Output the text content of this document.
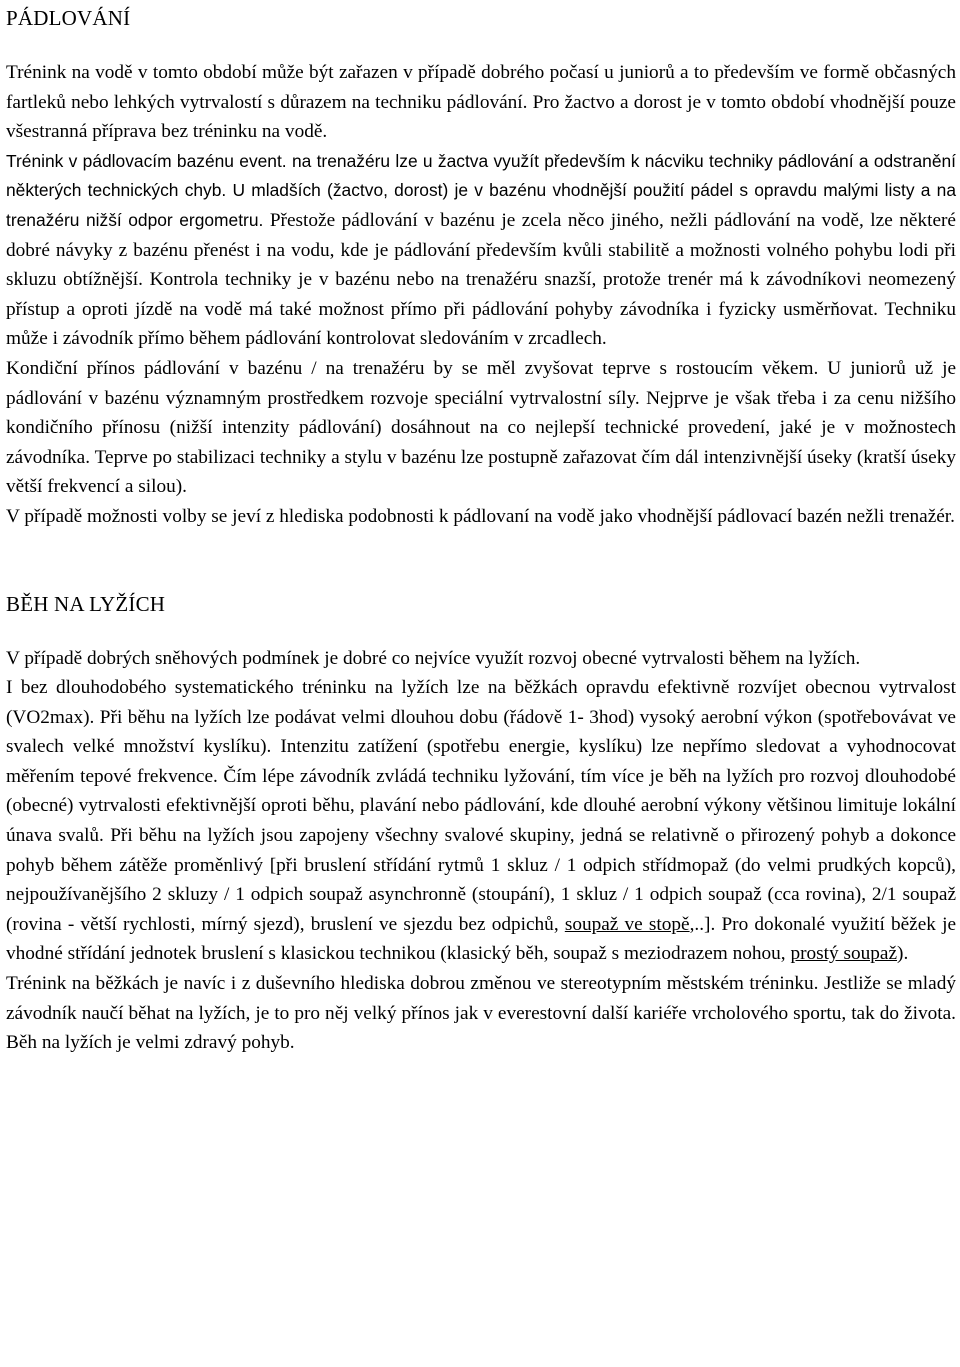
PÁDLOVÁNÍ

Trénink na vodě v tomto období může být zařazen v případě dobrého počasí u juniorů a to především ve formě občasných fartleků nebo lehkých vytrvalostí s důrazem na techniku pádlování. Pro žactvo a dorost je v tomto období vhodnější pouze všestranná příprava bez tréninku na vodě.

Trénink v pádlovacím bazénu event. na trenažéru lze u žactva využít především k nácviku techniky pádlování a odstranění některých technických chyb. U mladších (žactvo, dorost) je v bazénu vhodnější použití pádel s opravdu malými listy a na trenažéru nižší odpor ergometru. Přestože pádlování v bazénu je zcela něco jiného, nežli pádlování na vodě, lze některé dobré návyky z bazénu přenést i na vodu, kde je pádlování především kvůli stabilitě a možnosti volného pohybu lodi při skluzu obtížnější. Kontrola techniky je v bazénu nebo na trenažéru snazší, protože trenér má k závodníkovi neomezený přístup a oproti jízdě na vodě má také možnost přímo při pádlování pohyby závodníka i fyzicky usměrňovat. Techniku může i závodník přímo během pádlování kontrolovat sledováním v zrcadlech.

Kondiční přínos pádlování v bazénu / na trenažéru by se měl zvyšovat teprve s rostoucím věkem. U juniorů už je pádlování v bazénu významným prostředkem rozvoje speciální vytrvalostní síly. Nejprve je však třeba i za cenu nižšího kondičního přínosu (nižší intenzity pádlování) dosáhnout na co nejlepší technické provedení, jaké je v možnostech závodníka. Teprve po stabilizaci techniky a stylu v bazénu lze postupně zařazovat čím dál intenzivnější úseky (kratší úseky větší frekvencí a silou).

V případě možnosti volby se jeví z hlediska podobnosti k pádlovaní na vodě jako vhodnější pádlovací bazén nežli trenažér.

BĚH NA LYŽÍCH

V případě dobrých sněhových podmínek je dobré co nejvíce využít rozvoj obecné vytrvalosti během na lyžích.

I bez dlouhodobého systematického tréninku na lyžích lze na běžkách opravdu efektivně rozvíjet obecnou vytrvalost (VO2max). Při běhu na lyžích lze podávat velmi dlouhou dobu (řádově 1- 3hod) vysoký aerobní výkon (spotřebovávat ve svalech velké množství kyslíku). Intenzitu zatížení (spotřebu energie, kyslíku) lze nepřímo sledovat a vyhodnocovat měřením tepové frekvence. Čím lépe závodník zvládá techniku lyžování, tím více je běh na lyžích pro rozvoj dlouhodobé (obecné) vytrvalosti efektivnější oproti běhu, plavání nebo pádlování, kde dlouhé aerobní výkony většinou limituje lokální únava svalů. Při běhu na lyžích jsou zapojeny všechny svalové skupiny, jedná se relativně o přirozený pohyb a dokonce pohyb během zátěže proměnlivý [při bruslení střídání rytmů 1 skluz / 1 odpich střídmopaž (do velmi prudkých kopců), nejpoužívanějšího 2 skluzy / 1 odpich soupaž asynchronně (stoupání), 1 skluz / 1 odpich soupaž (cca rovina), 2/1 soupaž (rovina - větší rychlosti, mírný sjezd), bruslení ve sjezdu bez odpichů, soupaž ve stopě,..]. Pro dokonalé využití běžek je vhodné střídání jednotek bruslení s klasickou technikou (klasický běh, soupaž s meziodrazem nohou, prostý soupaž).

Trénink na běžkách je navíc i z duševního hlediska dobrou změnou ve stereotypním městském tréninku. Jestliže se mladý závodník naučí běhat na lyžích, je to pro něj velký přínos jak v everestovní další kariéře vrcholového sportu, tak do života. Běh na lyžích je velmi zdravý pohyb.
